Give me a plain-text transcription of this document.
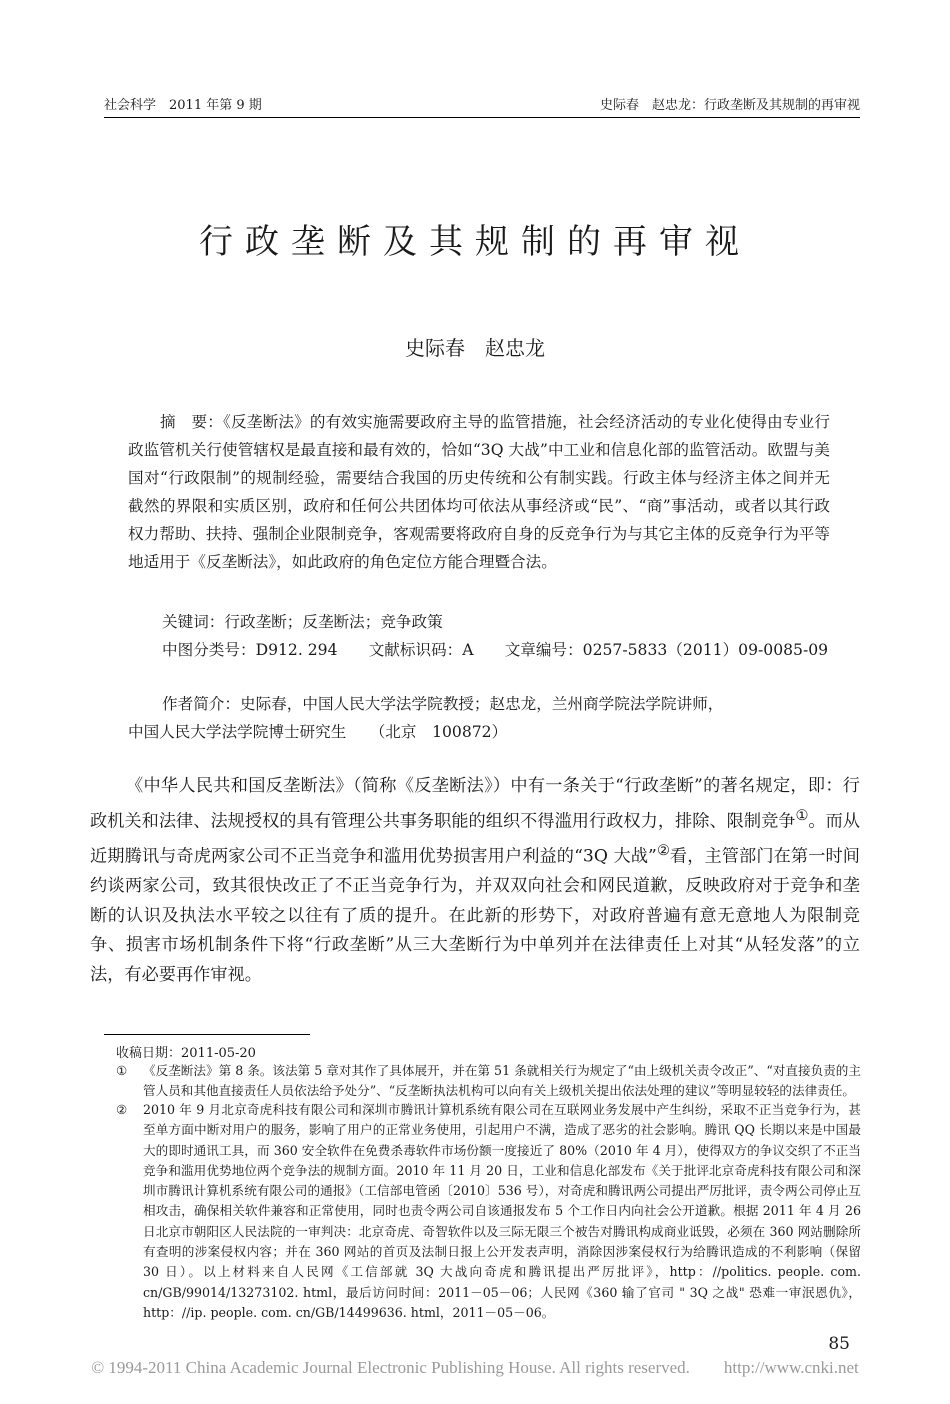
社会科学　2011 年第 9 期	史际春　赵忠龙：行政垄断及其规制的再审视
行政垄断及其规制的再审视
史际春　赵忠龙
摘　要：《反垄断法》的有效实施需要政府主导的监管措施，社会经济活动的专业化使得由专业行政监管机关行使管辖权是最直接和最有效的，恰如“3Q 大战”中工业和信息化部的监管活动。欧盟与美国对“行政限制”的规制经验，需要结合我国的历史传统和公有制实践。行政主体与经济主体之间并无截然的界限和实质区别，政府和任何公共团体均可依法从事经济或“民”、“商”事活动，或者以其行政权力帮助、扶持、强制企业限制竞争，客观需要将政府自身的反竞争行为与其它主体的反竞争行为平等地适用于《反垄断法》，如此政府的角色定位方能合理暨合法。
关键词：行政垄断；反垄断法；竞争政策
中图分类号：D912. 294　　文献标识码：A　　文章编号：0257-5833（2011）09-0085-09
作者简介：史际春，中国人民大学法学院教授；赵忠龙，兰州商学院法学院讲师，
中国人民大学法学院博士研究生　　（北京　100872）
《中华人民共和国反垄断法》（简称《反垄断法》）中有一条关于“行政垄断”的著名规定，即：行政机关和法律、法规授权的具有管理公共事务职能的组织不得滥用行政权力，排除、限制竞争①。而从近期腾讯与奇虎两家公司不正当竞争和滥用优势损害用户利益的“3Q 大战”②看，主管部门在第一时间约谈两家公司，致其很快改正了不正当竞争行为，并双双向社会和网民道歉，反映政府对于竞争和垄断的认识及执法水平较之以往有了质的提升。在此新的形势下，对政府普遍有意无意地人为限制竞争、损害市场机制条件下将“行政垄断”从三大垄断行为中单列并在法律责任上对其“从轻发落”的立法，有必要再作审视。
收稿日期：2011-05-20
① 《反垄断法》第 8 条。该法第 5 章对其作了具体展开，并在第 51 条就相关行为规定了“由上级机关责令改正”、“对直接负责的主管人员和其他直接责任人员依法给予处分”、“反垄断执法机构可以向有关上级机关提出依法处理的建议”等明显较轻的法律责任。
② 2010 年 9 月北京奇虎科技有限公司和深圳市腾讯计算机系统有限公司在互联网业务发展中产生纠纷，采取不正当竞争行为，甚至单方面中断对用户的服务，影响了用户的正常业务使用，引起用户不满，造成了恶劣的社会影响。腾讯 QQ 长期以来是中国最大的即时通讯工具，而 360 安全软件在免费杀毒软件市场份额一度接近了 80%（2010 年 4 月），使得双方的争议交织了不正当竞争和滥用优势地位两个竞争法的规制方面。2010 年 11 月 20 日，工业和信息化部发布《关于批评北京奇虎科技有限公司和深圳市腾讯计算机系统有限公司的通报》（工信部电管函〔2010〕536 号），对奇虎和腾讯两公司提出严厉批评，责令两公司停止互相攻击，确保相关软件兼容和正常使用，同时也责令两公司自该通报发布 5 个工作日内向社会公开道歉。根据 2011 年 4 月 26 日北京市朝阳区人民法院的一审判决：北京奇虎、奇智软件以及三际无限三个被告对腾讯构成商业诋毁，必须在 360 网站删除所有查明的涉案侵权内容；并在 360 网站的首页及法制日报上公开发表声明，消除因涉案侵权行为给腾讯造成的不利影响（保留 30 日）。以上材料来自人民网《工信部就 3Q 大战向奇虎和腾讯提出严厉批评》，http：//politics. people. com. cn/GB/99014/13273102. html，最后访问时间：2011－05－06；人民网《360 输了官司 " 3Q 之战" 恐难一审泯恩仇》，http：//ip. people. com. cn/GB/14499636. html，2011－05－06。
85
© 1994-2011 China Academic Journal Electronic Publishing House. All rights reserved.　　http://www.cnki.net
